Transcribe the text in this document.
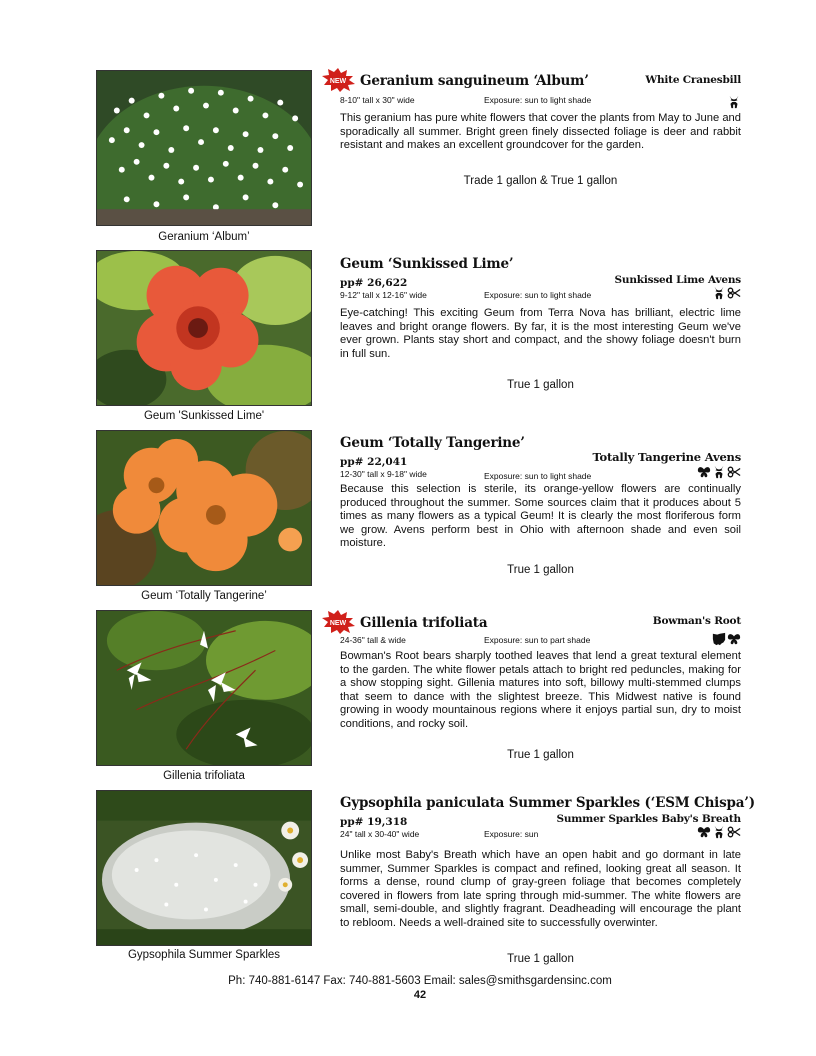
Geranium ‘Album’
NEW Geranium sanguineum ‘Album’	White Cranesbill
8-10" tall x 30" wide	Exposure: sun to light shade
This geranium has pure white flowers that cover the plants from May to June and sporadically all summer. Bright green finely dissected foliage is deer and rabbit resistant and makes an excellent groundcover for the garden.
Trade 1 gallon & True 1 gallon
Geum 'Sunkissed Lime'
Geum ‘Sunkissed Lime’
pp# 26,622	Sunkissed Lime Avens
9-12" tall x 12-16" wide	Exposure: sun to light shade
Eye-catching! This exciting Geum from Terra Nova has brilliant, electric lime leaves and bright orange flowers. By far, it is the most interesting Geum we've ever grown. Plants stay short and compact, and the showy foliage doesn't burn in full sun.
True 1 gallon
Geum ‘Totally Tangerine’
Geum ‘Totally Tangerine’
pp# 22,041	Totally Tangerine Avens
12-30" tall x 9-18" wide	Exposure: sun to light shade
Because this selection is sterile, its orange-yellow flowers are continually produced throughout the summer. Some sources claim that it produces about 5 times as many flowers as a typical Geum! It is clearly the most floriferous form we grow. Avens perform best in Ohio with afternoon shade and even soil moisture.
True 1 gallon
Gillenia trifoliata
NEW Gillenia trifoliata	Bowman's Root
24-36" tall & wide	Exposure: sun to part shade
Bowman's Root bears sharply toothed leaves that lend a great textural element to the garden. The white flower petals attach to bright red peduncles, making for a show stopping sight. Gillenia matures into soft, billowy multi-stemmed clumps that seem to dance with the slightest breeze. This Midwest native is found growing in woody mountainous regions where it enjoys partial sun, dry to moist conditions, and rocky soil.
True 1 gallon
Gypsophila Summer Sparkles
Gypsophila paniculata Summer Sparkles (‘ESM Chispa’)
pp# 19,318	Summer Sparkles Baby's Breath
24" tall x 30-40" wide	Exposure: sun
Unlike most Baby's Breath which have an open habit and go dormant in late summer, Summer Sparkles is compact and refined, looking great all season. It forms a dense, round clump of gray-green foliage that becomes completely covered in flowers from late spring through mid-summer. The white flowers are small, semi-double, and slightly fragrant. Deadheading will encourage the plant to rebloom. Needs a well-drained site to successfully overwinter.
True 1 gallon
Ph: 740-881-6147 Fax: 740-881-5603 Email: sales@smithsgardensinc.com
42
